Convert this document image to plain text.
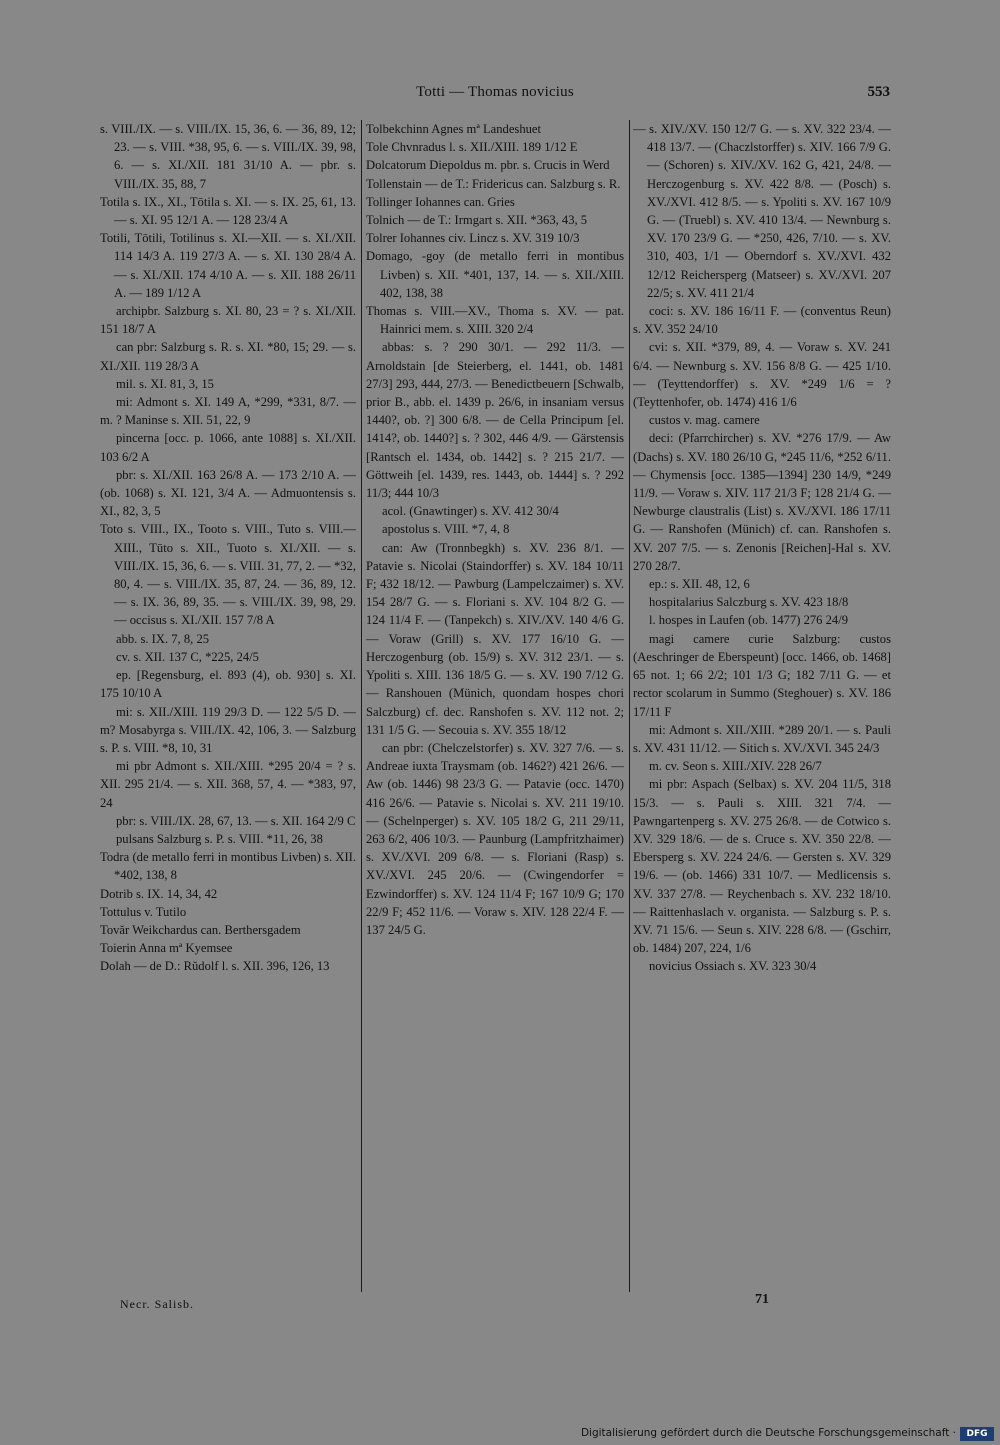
Totti — Thomas novicius	553

s. VIII./IX. — s. VIII./IX. 15, 36, 6. — 36, 89, 12; 23. — s. VIII. *38, 95, 6. — s. VIII./IX. 39, 98, 6. — s. XI./XII. 181 31/10 A. — pbr. s. VIII./IX. 35, 88, 7

Totila s. IX., XI., Tōtila s. XI. — s. IX. 25, 61, 13. — s. XI. 95 12/1 A. — 128 23/4 A

Totili, Tōtili, Totilinus s. XI.—XII. — s. XI./XII. 114 14/3 A. 119 27/3 A. — s. XI. 130 28/4 A. — s. XI./XII. 174 4/10 A. — s. XII. 188 26/11 A. — 189 1/12 A

archipbr. Salzburg s. XI. 80, 23 = ? s. XI./XII. 151 18/7 A

can pbr: Salzburg s. R. s. XI. *80, 15; 29. — s. XI./XII. 119 28/3 A

mil. s. XI. 81, 3, 15

mi: Admont s. XI. 149 A, *299, *331, 8/7. — m. ? Maninse s. XII. 51, 22, 9

pincerna [occ. p. 1066, ante 1088] s. XI./XII. 103 6/2 A

pbr: s. XI./XII. 163 26/8 A. — 173 2/10 A. — (ob. 1068) s. XI. 121, 3/4 A. — Admuontensis s. XI., 82, 3, 5

Toto s. VIII., IX., Tooto s. VIII., Tuto s. VIII.—XIII., Tūto s. XII., Tuoto s. XI./XII. — s. VIII./IX. 15, 36, 6. — s. VIII. 31, 77, 2. — *32, 80, 4. — s. VIII./IX. 35, 87, 24. — 36, 89, 12. — s. IX. 36, 89, 35. — s. VIII./IX. 39, 98, 29. — occisus s. XI./XII. 157 7/8 A

abb. s. IX. 7, 8, 25

cv. s. XII. 137 C, *225, 24/5

ep. [Regensburg, el. 893 (4), ob. 930] s. XI. 175 10/10 A

mi: s. XII./XIII. 119 29/3 D. — 122 5/5 D. — m? Mosabyrga s. VIII./IX. 42, 106, 3. — Salzburg s. P. s. VIII. *8, 10, 31

mi pbr Admont s. XII./XIII. *295 20/4 = ? s. XII. 295 21/4. — s. XII. 368, 57, 4. — *383, 97, 24

pbr: s. VIII./IX. 28, 67, 13. — s. XII. 164 2/9 C

pulsans Salzburg s. P. s. VIII. *11, 26, 38

Todra (de metallo ferri in montibus Livben) s. XII. *402, 138, 8

Dotrib s. IX. 14, 34, 42

Tottulus v. Tutilo

Tovăr Weikchardus can. Berthersgadem

Toierin Anna mª Kyemsee

Dolah — de D.: Rŭdolf l. s. XII. 396, 126, 13

Tolbekchinn Agnes mª Landeshuet

Tole Chvnradus l. s. XII./XIII. 189 1/12 E

Dolcatorum Diepoldus m. pbr. s. Crucis in Werd

Tollenstain — de T.: Fridericus can. Salzburg s. R.

Tollinger Iohannes can. Gries

Tolnich — de T.: Irmgart s. XII. *363, 43, 5

Tolrer Iohannes civ. Lincz s. XV. 319 10/3

Domago, -goy (de metallo ferri in montibus Livben) s. XII. *401, 137, 14. — s. XII./XIII. 402, 138, 38

Thomas s. VIII.—XV., Thoma s. XV. — pat. Hainrici mem. s. XIII. 320 2/4

abbas: s. ? 290 30/1. — 292 11/3. — Arnoldstain [de Steierberg, el. 1441, ob. 1481 27/3] 293, 444, 27/3. — Benedictbeuern [Schwalb, prior B., abb. el. 1439 p. 26/6, in insaniam versus 1440?, ob. ?] 300 6/8. — de Cella Principum [el. 1414?, ob. 1440?] s. ? 302, 446 4/9. — Gärstensis [Rantsch el. 1434, ob. 1442] s. ? 215 21/7. — Göttweih [el. 1439, res. 1443, ob. 1444] s. ? 292 11/3; 444 10/3

acol. (Gnawtinger) s. XV. 412 30/4

apostolus s. VIII. *7, 4, 8

can: Aw (Tronnbegkh) s. XV. 236 8/1. — Patavie s. Nicolai (Staindorffer) s. XV. 184 10/11 F; 432 18/12. — Pawburg (Lampelczaimer) s. XV. 154 28/7 G. — s. Floriani s. XV. 104 8/2 G. — 124 11/4 F. — (Tanpekch) s. XIV./XV. 140 4/6 G. — Voraw (Grill) s. XV. 177 16/10 G. — Herczogenburg (ob. 15/9) s. XV. 312 23/1. — s. Ypoliti s. XIII. 136 18/5 G. — s. XV. 190 7/12 G. — Ranshouen (Münich, quondam hospes chori Salczburg) cf. dec. Ranshofen s. XV. 112 not. 2; 131 1/5 G. — Secouia s. XV. 355 18/12

can pbr: (Chelczelstorfer) s. XV. 327 7/6. — s. Andreae iuxta Traysmam (ob. 1462?) 421 26/6. — Aw (ob. 1446) 98 23/3 G. — Patavie (occ. 1470) 416 26/6. — Patavie s. Nicolai s. XV. 211 19/10. — (Schelnperger) s. XV. 105 18/2 G, 211 29/11, 263 6/2, 406 10/3. — Paunburg (Lampfritzhaimer) s. XV./XVI. 209 6/8. — s. Floriani (Rasp) s. XV./XVI. 245 20/6. — (Cwingendorfer = Ezwindorffer) s. XV. 124 11/4 F; 167 10/9 G; 170 22/9 F; 452 11/6. — Voraw s. XIV. 128 22/4 F. — 137 24/5 G.

— s. XIV./XV. 150 12/7 G. — s. XV. 322 23/4. — 418 13/7. — (Chaczlstorffer) s. XIV. 166 7/9 G. — (Schoren) s. XIV./XV. 162 G, 421, 24/8. — Herczogenburg s. XV. 422 8/8. — (Posch) s. XV./XVI. 412 8/5. — s. Ypoliti s. XV. 167 10/9 G. — (Truebl) s. XV. 410 13/4. — Newnburg s. XV. 170 23/9 G. — *250, 426, 7/10. — s. XV. 310, 403, 1/1 — Oberndorf s. XV./XVI. 432 12/12 Reichersperg (Matseer) s. XV./XVI. 207 22/5; s. XV. 411 21/4

coci: s. XV. 186 16/11 F. — (conventus Reun) s. XV. 352 24/10

cvi: s. XII. *379, 89, 4. — Voraw s. XV. 241 6/4. — Newnburg s. XV. 156 8/8 G. — 425 1/10. — (Teyttendorffer) s. XV. *249 1/6 = ? (Teyttenhofer, ob. 1474) 416 1/6

custos v. mag. camere

deci: (Pfarrchircher) s. XV. *276 17/9. — Aw (Dachs) s. XV. 180 26/10 G, *245 11/6, *252 6/11. — Chymensis [occ. 1385—1394] 230 14/9, *249 11/9. — Voraw s. XIV. 117 21/3 F; 128 21/4 G. — Newburge claustralis (List) s. XV./XVI. 186 17/11 G. — Ranshofen (Münich) cf. can. Ranshofen s. XV. 207 7/5. — s. Zenonis [Reichen]-Hal s. XV. 270 28/7.

ep.: s. XII. 48, 12, 6

hospitalarius Salczburg s. XV. 423 18/8

l. hospes in Laufen (ob. 1477) 276 24/9

magi camere curie Salzburg: custos (Aeschringer de Eberspeunt) [occ. 1466, ob. 1468] 65 not. 1; 66 2/2; 101 1/3 G; 182 7/11 G. — et rector scolarum in Summo (Steghouer) s. XV. 186 17/11 F

mi: Admont s. XII./XIII. *289 20/1. — s. Pauli s. XV. 431 11/12. — Sitich s. XV./XVI. 345 24/3

m. cv. Seon s. XIII./XIV. 228 26/7

mi pbr: Aspach (Selbax) s. XV. 204 11/5, 318 15/3. — s. Pauli s. XIII. 321 7/4. — Pawngartenperg s. XV. 275 26/8. — de Cotwico s. XV. 329 18/6. — de s. Cruce s. XV. 350 22/8. — Ebersperg s. XV. 224 24/6. — Gersten s. XV. 329 19/6. — (ob. 1466) 331 10/7. — Medlicensis s. XV. 337 27/8. — Reychenbach s. XV. 232 18/10. — Raittenhaslach v. organista. — Salzburg s. P. s. XV. 71 15/6. — Seun s. XIV. 228 6/8. — (Gschirr, ob. 1484) 207, 224, 1/6

novicius Ossiach s. XV. 323 30/4

Necr. Salisb.	71
Digitalisierung gefördert durch die Deutsche Forschungsgemeinschaft ·	DFG
